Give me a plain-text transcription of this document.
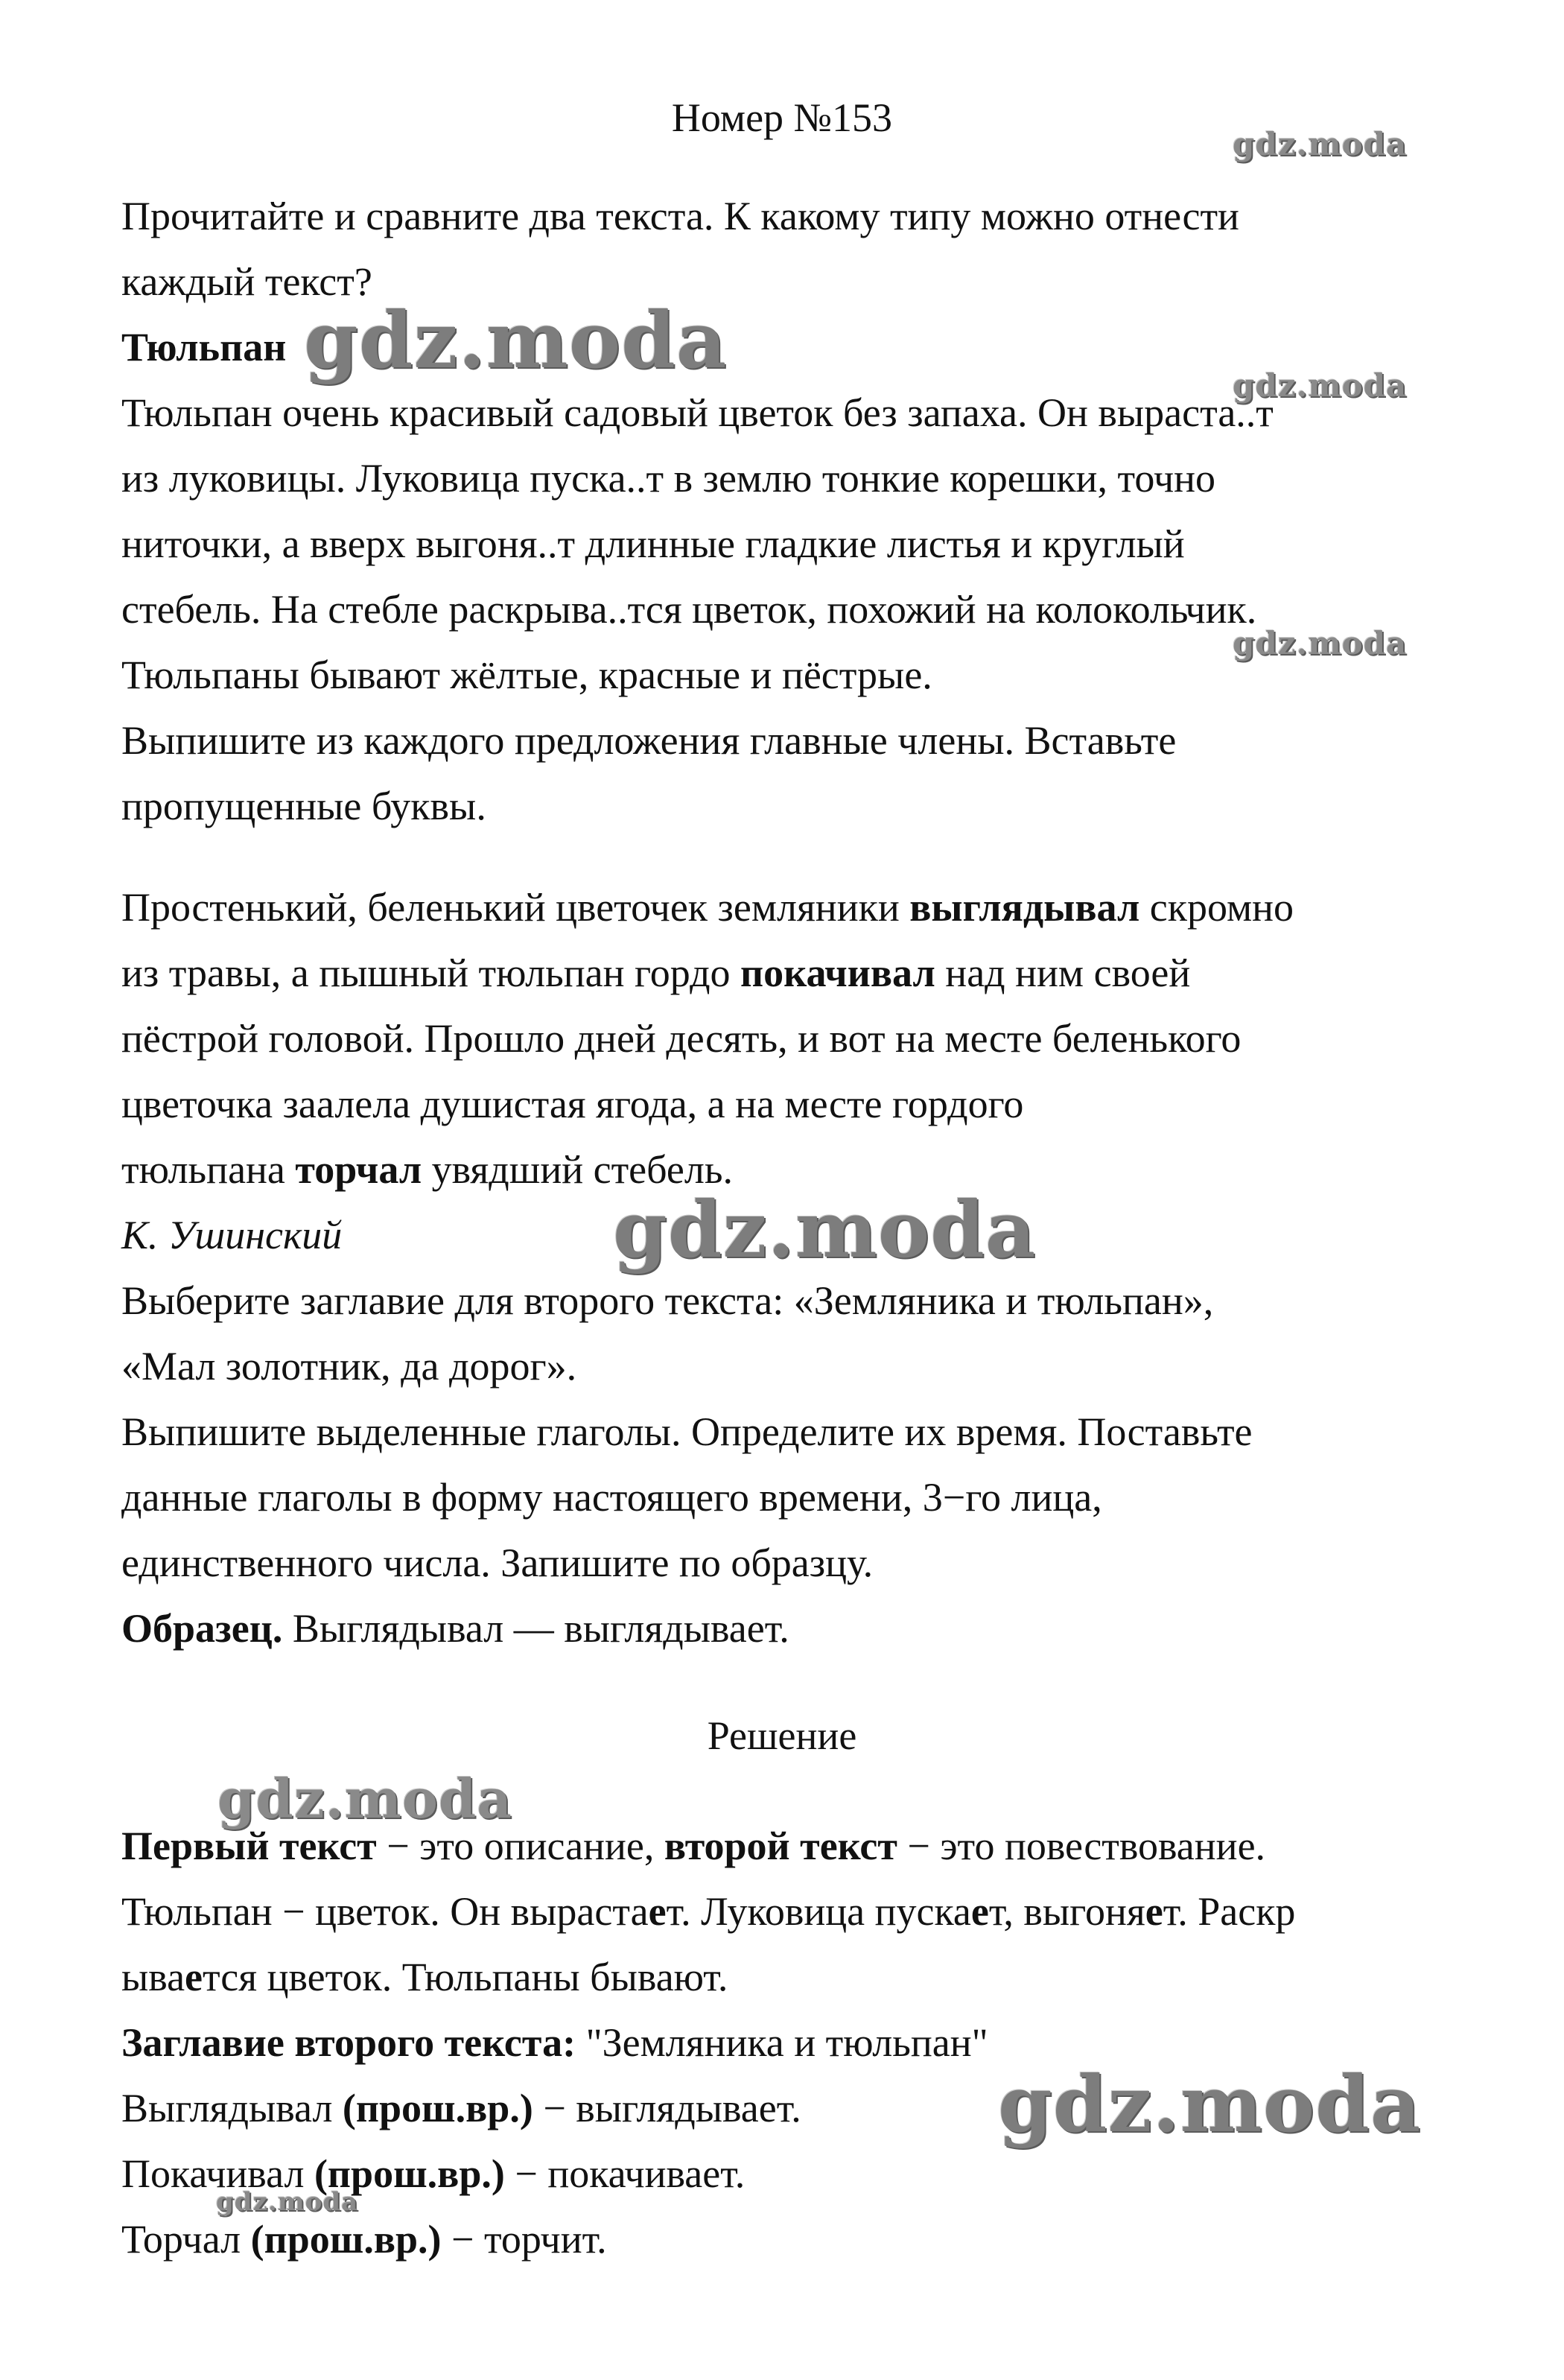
Номер №153
Прочитайте и сравните два текста. К какому типу можно отнести
каждый текст?
Тюльпан
Тюльпан очень красивый садовый цветок без запаха. Он выраста..т
из луковицы. Луковица пуска..т в землю тонкие корешки, точно
ниточки, а вверх выгоня..т длинные гладкие листья и круглый
стебель. На стебле раскрыва..тся цветок, похожий на колокольчик.
Тюльпаны бывают жёлтые, красные и пёстрые.
Выпишите из каждого предложения главные члены. Вставьте
пропущенные буквы.
Простенький, беленький цветочек земляники выглядывал скромно
из травы, а пышный тюльпан гордо покачивал над ним своей
пёстрой головой. Прошло дней десять, и вот на месте беленького
цветочка заалела душистая ягода, а на месте гордого
тюльпана торчал увядший стебель.
К. Ушинский
Выберите заглавие для второго текста: «Земляника и тюльпан»,
«Мал золотник, да дорог».
Выпишите выделенные глаголы. Определите их время. Поставьте
данные глаголы в форму настоящего времени, 3−го лица,
единственного числа. Запишите по образцу.
Образец. Выглядывал — выглядывает.
Решение
Первый текст − это описание, второй текст − это повествование.
Тюльпан − цветок. Он вырастает. Луковица пускает, выгоняет. Раскр
ывается цветок. Тюльпаны бывают.
Заглавие второго текста: "Земляника и тюльпан"
Выглядывал (прош.вр.) − выглядывает.
Покачивал (прош.вр.) − покачивает.
Торчал (прош.вр.) − торчит.
gdz.moda
gdz.moda	gdz.moda
gdz.moda
gdz.moda
gdz.moda
gdz.moda
gdz.moda
